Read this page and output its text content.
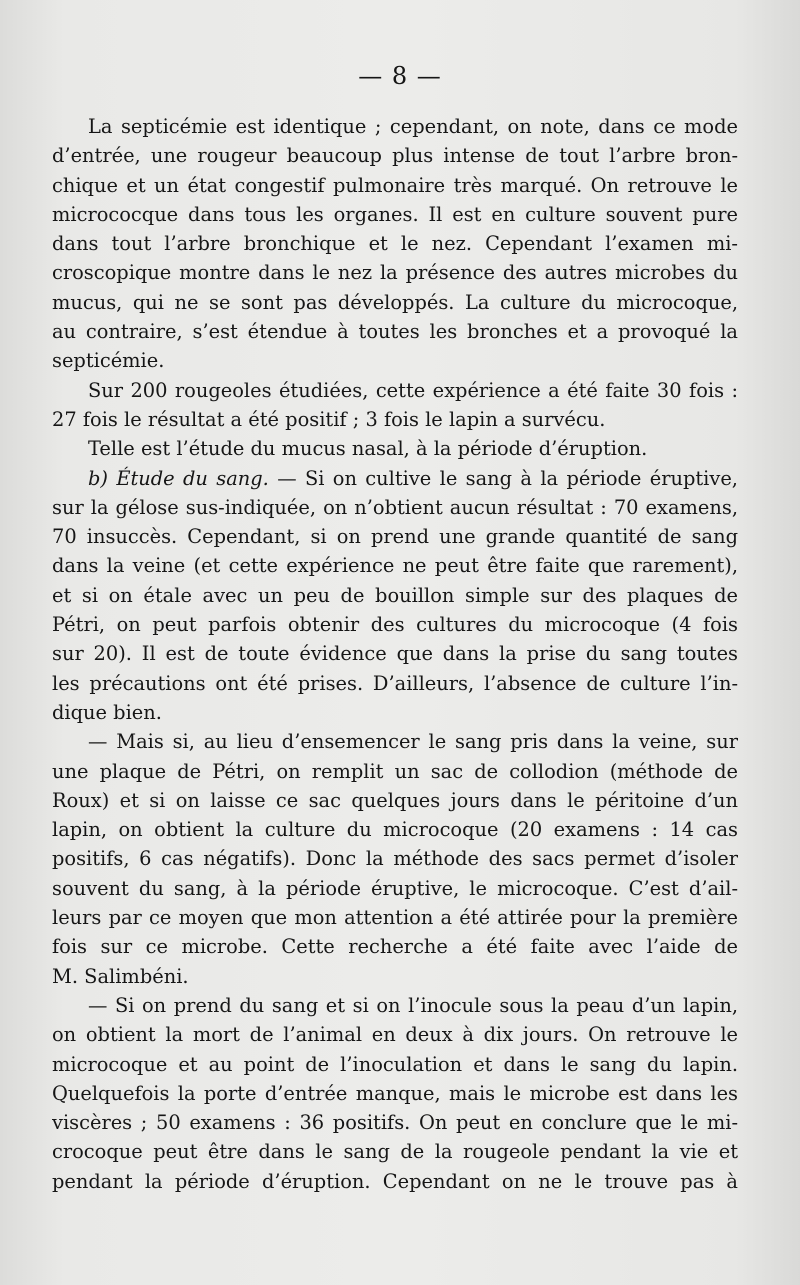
— 8 —
La septicémie est identique ; cependant, on note, dans ce mode
d’entrée, une rougeur beaucoup plus intense de tout l’arbre bron-
chique et un état congestif pulmonaire très marqué. On retrouve le
micrococque dans tous les organes. Il est en culture souvent pure
dans tout l’arbre bronchique et le nez. Cependant l’examen mi-
croscopique montre dans le nez la présence des autres microbes du
mucus, qui ne se sont pas développés. La culture du microcoque,
au contraire, s’est étendue à toutes les bronches et a provoqué la
septicémie.
Sur 200 rougeoles étudiées, cette expérience a été faite 30 fois :
27 fois le résultat a été positif ; 3 fois le lapin a survécu.
Telle est l’étude du mucus nasal, à la période d’éruption.
b) Étude du sang. — Si on cultive le sang à la période éruptive,
sur la gélose sus-indiquée, on n’obtient aucun résultat : 70 examens,
70 insuccès. Cependant, si on prend une grande quantité de sang
dans la veine (et cette expérience ne peut être faite que rarement),
et si on étale avec un peu de bouillon simple sur des plaques de
Pétri, on peut parfois obtenir des cultures du microcoque (4 fois
sur 20). Il est de toute évidence que dans la prise du sang toutes
les précautions ont été prises. D’ailleurs, l’absence de culture l’in-
dique bien.
— Mais si, au lieu d’ensemencer le sang pris dans la veine, sur
une plaque de Pétri, on remplit un sac de collodion (méthode de
Roux) et si on laisse ce sac quelques jours dans le péritoine d’un
lapin, on obtient la culture du microcoque (20 examens : 14 cas
positifs, 6 cas négatifs). Donc la méthode des sacs permet d’isoler
souvent du sang, à la période éruptive, le microcoque. C’est d’ail-
leurs par ce moyen que mon attention a été attirée pour la première
fois sur ce microbe. Cette recherche a été faite avec l’aide de
M. Salimbéni.
— Si on prend du sang et si on l’inocule sous la peau d’un lapin,
on obtient la mort de l’animal en deux à dix jours. On retrouve le
microcoque et au point de l’inoculation et dans le sang du lapin.
Quelquefois la porte d’entrée manque, mais le microbe est dans les
viscères ; 50 examens : 36 positifs. On peut en conclure que le mi-
crocoque peut être dans le sang de la rougeole pendant la vie et
pendant la période d’éruption. Cependant on ne le trouve pas à
